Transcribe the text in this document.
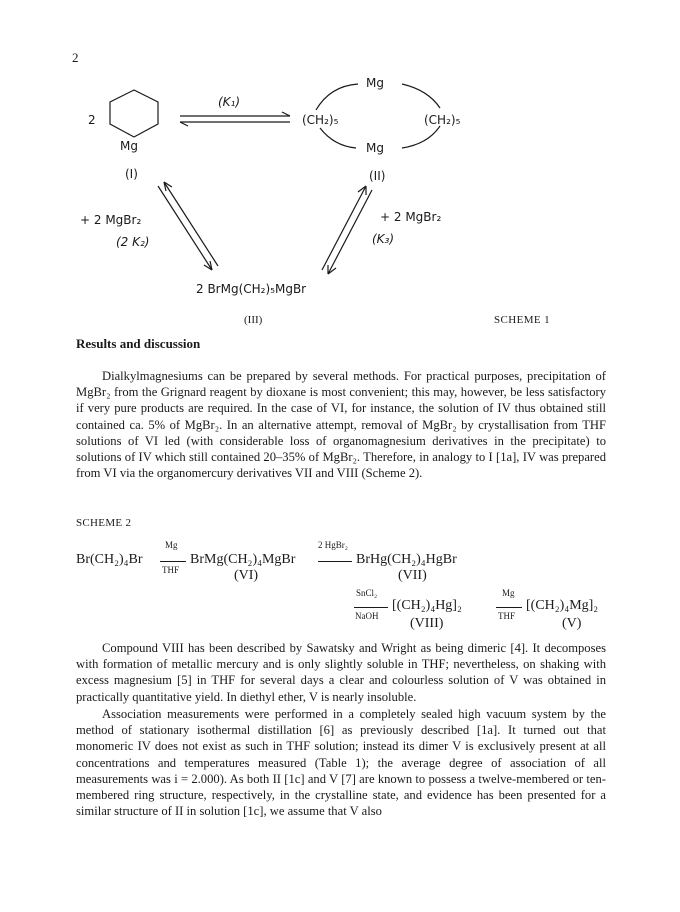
2
2
Mg
(I)
(K₁)
Mg
(CH₂)₅	(CH₂)₅
Mg
(II)
+ 2 MgBr₂
(2 K₂)
+ 2 MgBr₂
(K₃)
2 BrMg(CH₂)₅MgBr
(III)	SCHEME 1
Results and discussion

Dialkylmagnesiums can be prepared by several methods. For practical purposes, precipitation of MgBr₂ from the Grignard reagent by dioxane is most convenient; this may, however, be less satisfactory if very pure products are required. In the case of VI, for instance, the solution of IV thus obtained still contained ca. 5% of MgBr₂. In an alternative attempt, removal of MgBr₂ by crystallisation from THF solutions of VI led (with considerable loss of organomagnesium derivatives in the precipitate) to solutions of IV which still contained 20–35% of MgBr₂. Therefore, in analogy to I [1a], IV was prepared from VI via the organomercury derivatives VII and VIII (Scheme 2).

SCHEME 2
Br(CH₂)₄Br
Mg
THF
BrMg(CH₂)₄MgBr
(VI)
2 HgBr₂
BrHg(CH₂)₄HgBr
(VII)
SnCl₂
NaOH
[(CH₂)₄Hg]₂
(VIII)
Mg
THF
[(CH₂)₄Mg]₂
(V)

Compound VIII has been described by Sawatsky and Wright as being dimeric [4]. It decomposes with formation of metallic mercury and is only slightly soluble in THF; nevertheless, on shaking with excess magnesium [5] in THF for several days a clear and colourless solution of V was obtained in practically quantitative yield. In diethyl ether, V is nearly insoluble.

Association measurements were performed in a completely sealed high vacuum system by the method of stationary isothermal distillation [6] as previously described [1a]. It turned out that monomeric IV does not exist as such in THF solution; instead its dimer V is exclusively present at all concentrations and temperatures measured (Table 1); the average degree of association of all measurements was i = 2.000). As both II [1c] and V [7] are known to possess a twelve-membered or ten-membered ring structure, respectively, in the crystalline state, and evidence has been presented for a similar structure of II in solution [1c], we assume that V also
